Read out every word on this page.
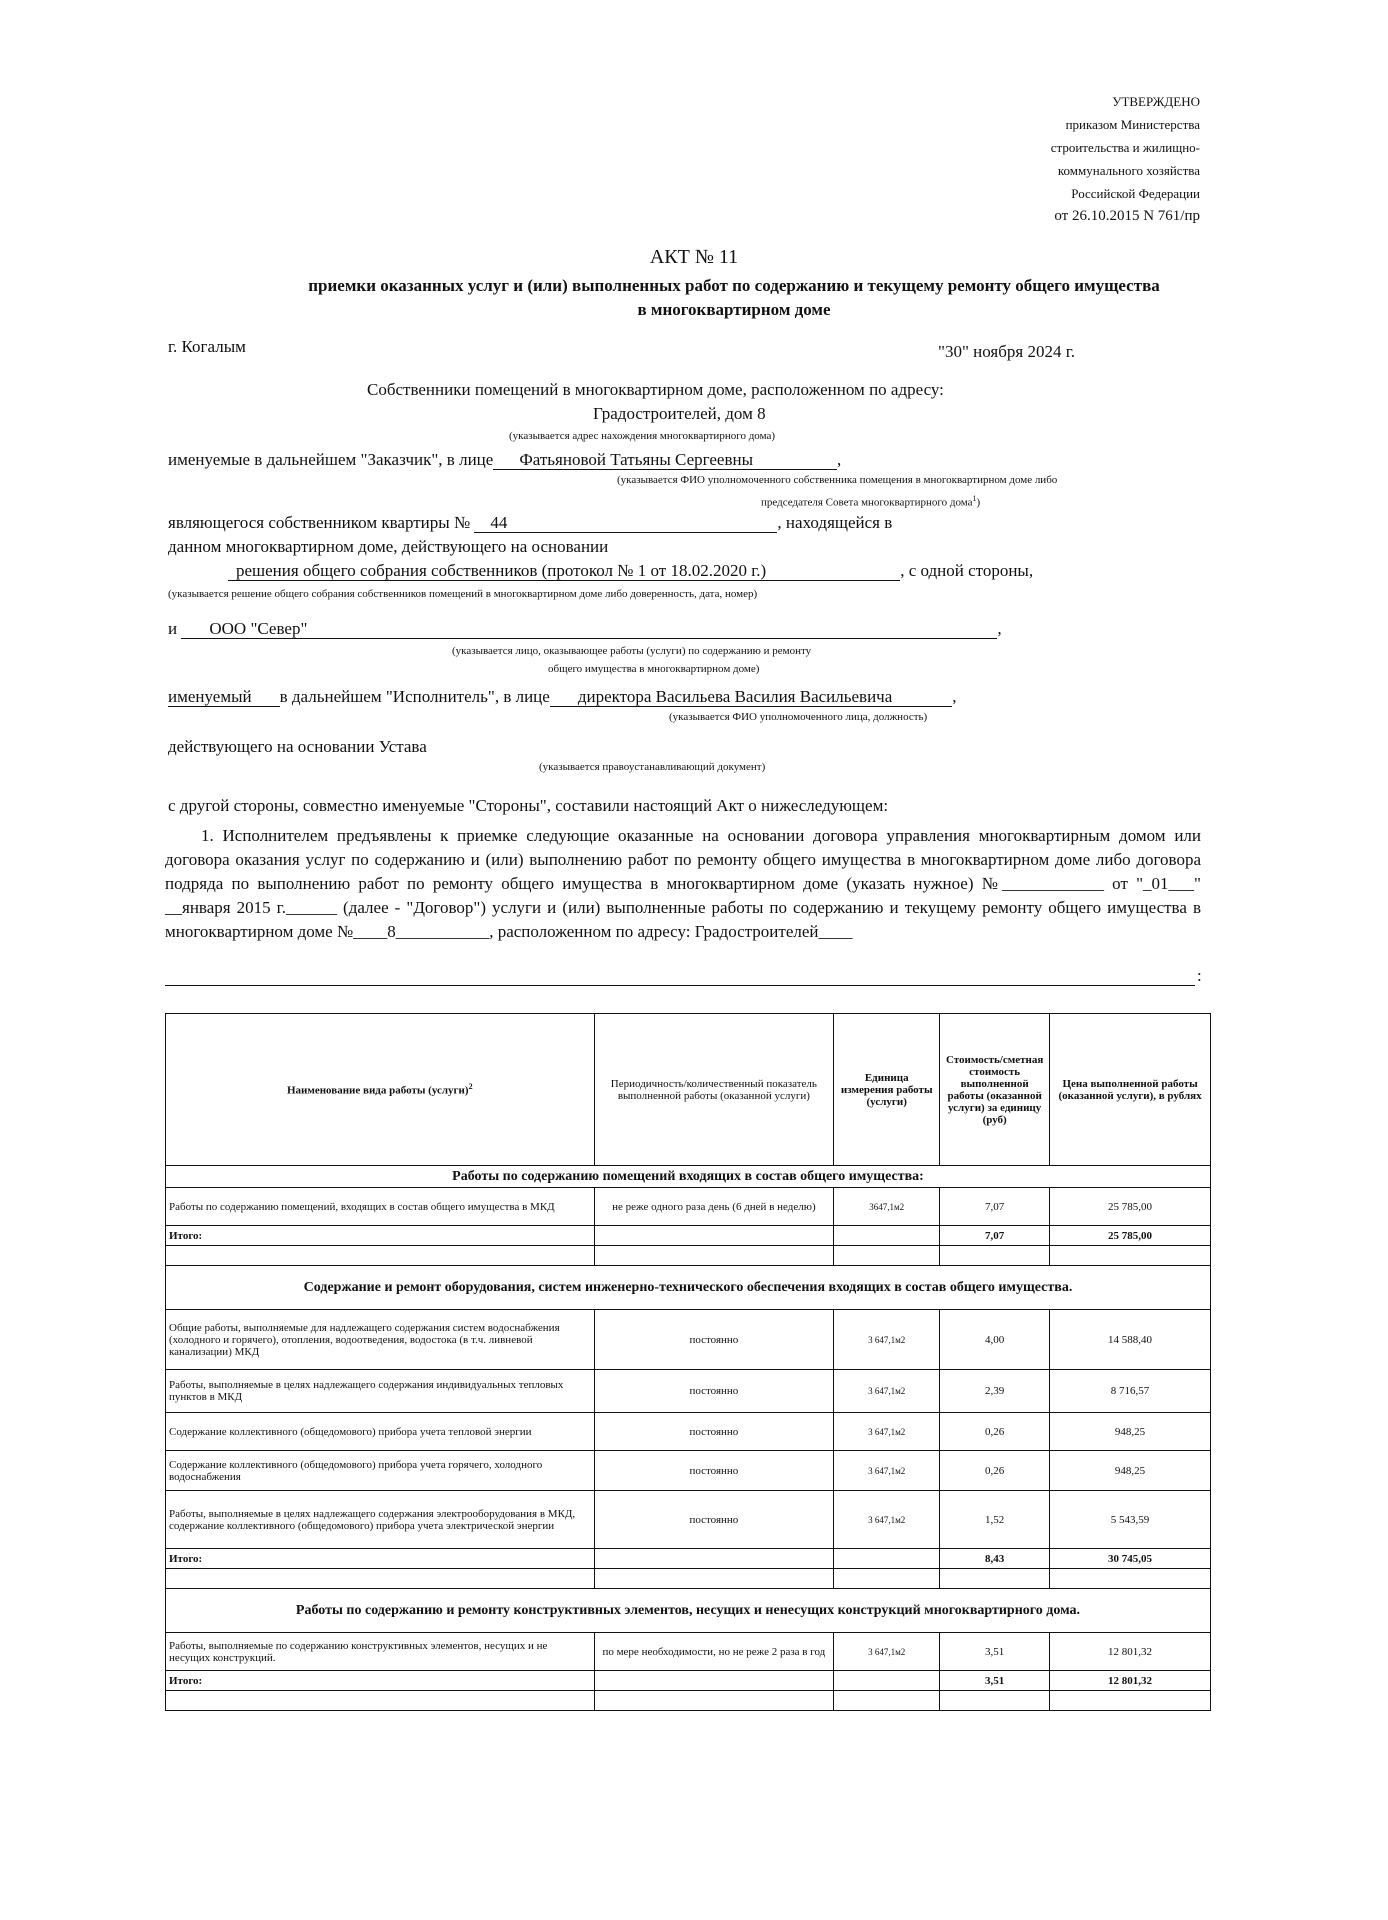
УТВЕРЖДЕНО
приказом Министерства
строительства и жилищно-
коммунального хозяйства
Российской Федерации
от 26.10.2015 N 761/пр
АКТ № 11
приемки оказанных услуг и (или) выполненных работ по содержанию и текущему ремонту общего имущества
в многоквартирном доме
г. Когалым	"30" ноября 2024 г.
Собственники помещений в многоквартирном доме, расположенном по адресу:
Градостроителей, дом 8
(указывается адрес нахождения многоквартирного дома)
именуемые в дальнейшем "Заказчик", в лице Фатьяновой Татьяны Сергеевны	,
(указывается ФИО уполномоченного собственника помещения в многоквартирном доме либо
председателя Совета многоквартирного дома$^1$)
являющегося собственником квартиры № 44	, находящейся в
данном многоквартирном доме, действующего на основании
решения общего собрания собственников (протокол № 1 от 18.02.2020 г.)	, с одной стороны,
(указывается решение общего собрания собственников помещений в многоквартирном доме либо доверенность, дата, номер)
и ООО "Север"	,
(указывается лицо, оказывающее работы (услуги) по содержанию и ремонту
общего имущества в многоквартирном доме)
именуемый в дальнейшем "Исполнитель", в лице директора Васильева Василия Васильевича	,
(указывается ФИО уполномоченного лица, должность)
действующего на основании Устава
(указывается правоустанавливающий документ)
с другой стороны, совместно именуемые "Стороны", составили настоящий Акт о нижеследующем:
1. Исполнителем предъявлены к приемке следующие оказанные на основании договора управления многоквартирным домом или договора оказания услуг по содержанию и (или) выполнению работ по ремонту общего имущества в многоквартирном доме либо договора подряда по выполнению работ по ремонту общего имущества в многоквартирном доме (указать нужное) №____________ от "_01___" __января 2015 г.______ (далее - "Договор") услуги и (или) выполненные работы по содержанию и текущему ремонту общего имущества в многоквартирном доме №____8___________, расположенном по адресу: Градостроителей____
:
Наименование вида работы (услуги)$^2$	Периодичность/количественный показатель выполненной работы (оказанной услуги)	Единица измерения работы (услуги)	Стоимость/сметная стоимость выполненной работы (оказанной услуги) за единицу (руб)	Цена выполненной работы (оказанной услуги), в рублях
Работы по содержанию помещений входящих в состав общего имущества:				
Работы по содержанию помещений, входящих в состав общего имущества в МКД	не реже одного раза день (6 дней в неделю)	3647,1м2	7,07	25 785,00
Итого:			7,07	25 785,00

Содержание и ремонт оборудования, систем инженерно-технического обеспечения входящих в состав общего имущества.				
Общие работы, выполняемые для надлежащего содержания систем водоснабжения (холодного и горячего), отопления, водоотведения, водостока (в т.ч. ливневой канализации) МКД	постоянно	3 647,1м2	4,00	14 588,40
Работы, выполняемые в целях надлежащего содержания индивидуальных тепловых пунктов в МКД	постоянно	3 647,1м2	2,39	8 716,57
Содержание коллективного (общедомового) прибора учета тепловой энергии	постоянно	3 647,1м2	0,26	948,25
Содержание коллективного (общедомового) прибора учета горячего, холодного водоснабжения	постоянно	3 647,1м2	0,26	948,25
Работы, выполняемые в целях надлежащего содержания электрооборудования в МКД, содержание коллективного (общедомового) прибора учета электрической энергии	постоянно	3 647,1м2	1,52	5 543,59
Итого:			8,43	30 745,05

Работы по содержанию и ремонту конструктивных элементов, несущих и ненесущих конструкций многоквартирного дома.				
Работы, выполняемые по содержанию конструктивных элементов, несущих и не несущих конструкций.	по мере необходимости, но не реже 2 раза в год	3 647,1м2	3,51	12 801,32
Итого:			3,51	12 801,32
